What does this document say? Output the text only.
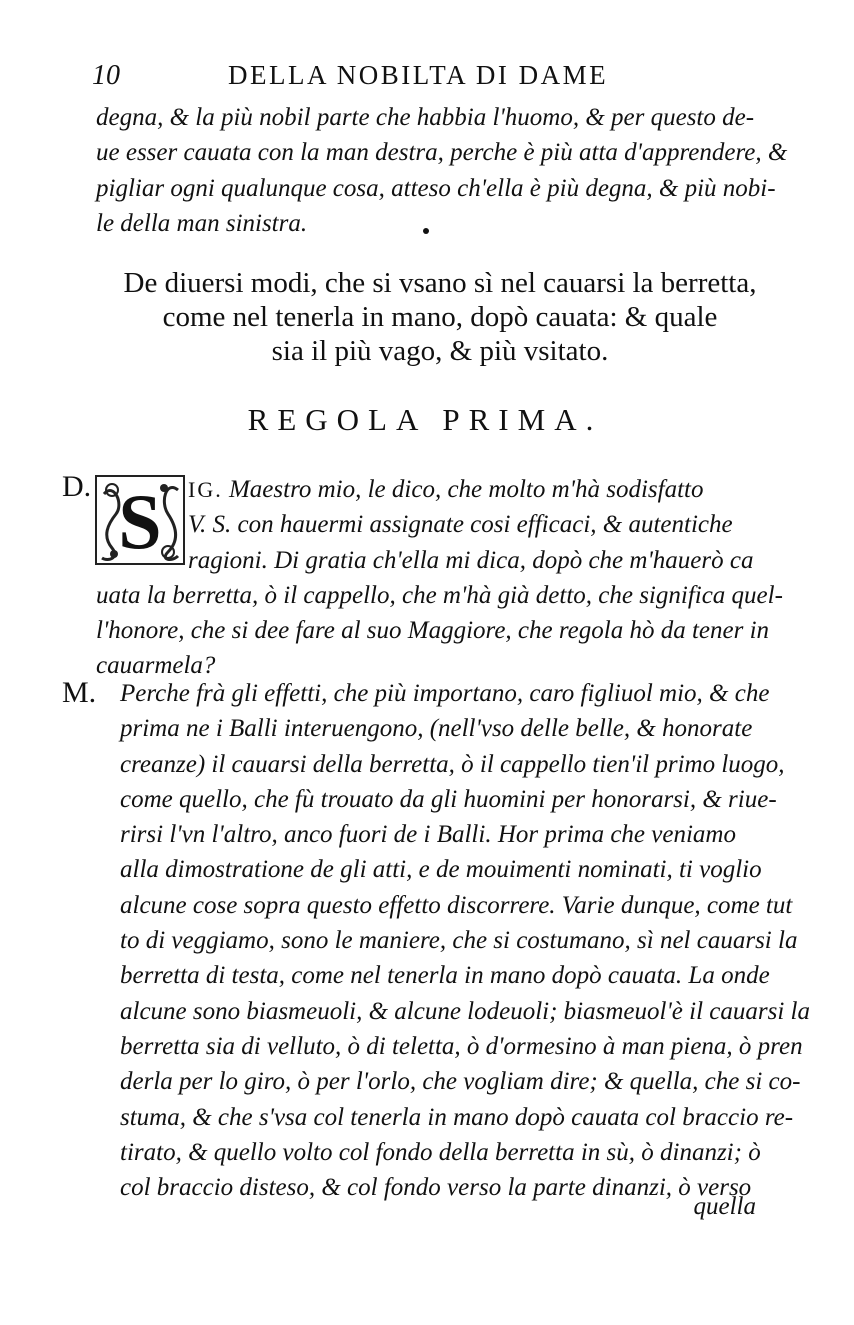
10	DELLA NOBILTA DI DAME
degna, & la più nobil parte che habbia l'huomo, & per questo de-
ue esser cauata con la man destra, perche è più atta d'apprendere, &
pigliar ogni qualunque cosa, atteso ch'ella è più degna, & più nobi-
le della man sinistra.
De diuersi modi, che si vsano sì nel cauarsi la berretta,
come nel tenerla in mano, dopò cauata: & quale
sia il più vago, & più vsitato.
REGOLA PRIMA.
D. S	IG. Maestro mio, le dico, che molto m'hà sodisfatto
V. S. con hauermi assignate cosi efficaci, & autentiche
ragioni. Di gratia ch'ella mi dica, dopò che m'hauerò ca
uata la berretta, ò il cappello, che m'hà già detto, che significa quel-
l'honore, che si dee fare al suo Maggiore, che regola hò da tener in
cauarmela?
M. Perche frà gli effetti, che più importano, caro figliuol mio, & che
prima ne i Balli interuengono, (nell'vso delle belle, & honorate
creanze) il cauarsi della berretta, ò il cappello tien'il primo luogo,
come quello, che fù trouato da gli huomini per honorarsi, & riue-
rirsi l'vn l'altro, anco fuori de i Balli. Hor prima che veniamo
alla dimostratione de gli atti, e de mouimenti nominati, ti voglio
alcune cose sopra questo effetto discorrere. Varie dunque, come tut
to di veggiamo, sono le maniere, che si costumano, sì nel cauarsi la
berretta di testa, come nel tenerla in mano dopò cauata. La onde
alcune sono biasmeuoli, & alcune lodeuoli; biasmeuol'è il cauarsi la
berretta sia di velluto, ò di teletta, ò d'ormesino à man piena, ò pren
derla per lo giro, ò per l'orlo, che vogliam dire; & quella, che si co-
stuma, & che s'vsa col tenerla in mano dopò cauata col braccio re-
tirato, & quello volto col fondo della berretta in sù, ò dinanzi; ò
col braccio disteso, & col fondo verso la parte dinanzi, ò verso
quella
